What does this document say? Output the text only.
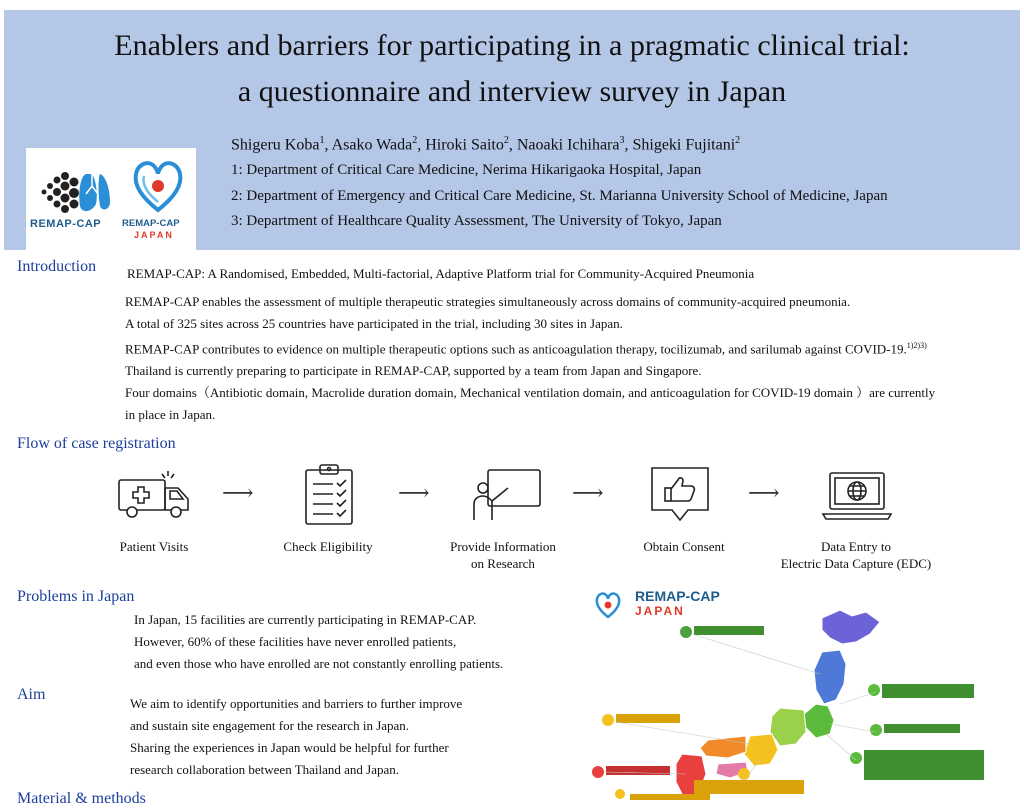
Enablers and barriers for participating in a pragmatic clinical trial:
a questionnaire and interview survey in Japan
Shigeru Koba$^1$, Asako Wada$^2$, Hiroki Saito$^2$, Naoaki Ichihara$^3$, Shigeki Fujitani$^2$
1: Department of Critical Care Medicine, Nerima Hikarigaoka Hospital, Japan
2: Department of Emergency and Critical Care Medicine, St. Marianna University School of Medicine, Japan
3: Department of Healthcare Quality Assessment, The University of Tokyo, Japan
REMAP-CAP REMAP-CAP
JAPAN
Introduction REMAP-CAP: A Randomised, Embedded, Multi-factorial, Adaptive Platform trial for Community-Acquired Pneumonia
REMAP-CAP enables the assessment of multiple therapeutic strategies simultaneously across domains of community-acquired pneumonia.
A total of 325 sites across 25 countries have participated in the trial, including 30 sites in Japan.
REMAP-CAP contributes to evidence on multiple therapeutic options such as anticoagulation therapy, tocilizumab, and sarilumab against COVID-19.$^{1)2)3)}$
Thailand is currently preparing to participate in REMAP-CAP, supported by a team from Japan and Singapore.
Four domains（Antibiotic domain, Macrolide duration domain, Mechanical ventilation domain, and anticoagulation for COVID-19 domain ）are currently
in place in Japan.
Flow of case registration
⟶	⟶	⟶	⟶
Patient Visits	Check Eligibility	Provide Information
on Research
Obtain Consent	Data Entry to
Electric Data Capture (EDC)
Problems in Japan
In Japan, 15 facilities are currently participating in REMAP-CAP.
However, 60% of these facilities have never enrolled patients,
and even those who have enrolled are not constantly enrolling patients.
Aim
We aim to identify opportunities and barriers to further improve
and sustain site engagement for the research in Japan.
Sharing the experiences in Japan would be helpful for further
research collaboration between Thailand and Japan.
Material & methods
REMAP-CAP
JAPAN
